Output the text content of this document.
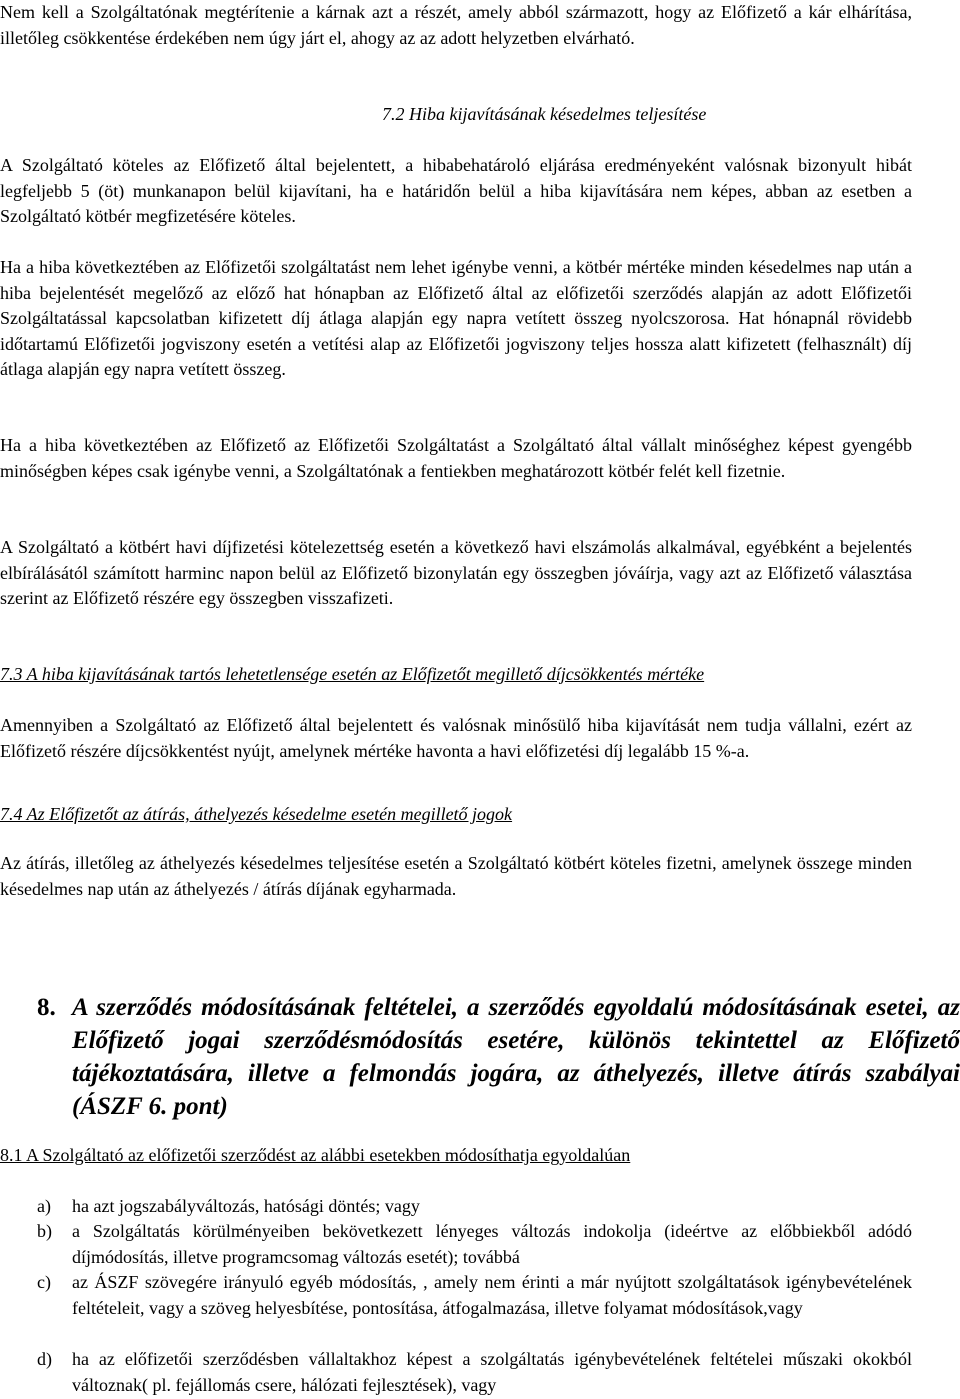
Nem kell a Szolgáltatónak megtérítenie a kárnak azt a részét, amely abból származott, hogy az Előfizető a kár elhárítása, illetőleg csökkentése érdekében nem úgy járt el, ahogy az az adott helyzetben elvárható.
7.2 Hiba kijavításának késedelmes teljesítése
A Szolgáltató köteles az Előfizető által bejelentett, a hibabehatároló eljárása eredményeként valósnak bizonyult hibát legfeljebb 5 (öt) munkanapon belül kijavítani, ha e határidőn belül a hiba kijavítására nem képes, abban az esetben a Szolgáltató kötbér megfizetésére köteles.
Ha a hiba következtében az Előfizetői szolgáltatást nem lehet igénybe venni, a kötbér mértéke minden késedelmes nap után a hiba bejelentését megelőző az előző hat hónapban az Előfizető által az előfizetői szerződés alapján az adott Előfizetői Szolgáltatással kapcsolatban kifizetett díj átlaga alapján egy napra vetített összeg nyolcszorosa. Hat hónapnál rövidebb időtartamú Előfizetői jogviszony esetén a vetítési alap az Előfizetői jogviszony teljes hossza alatt kifizetett (felhasznált) díj átlaga alapján egy napra vetített összeg.
Ha a hiba következtében az Előfizető az Előfizetői Szolgáltatást a Szolgáltató által vállalt minőséghez képest gyengébb minőségben képes csak igénybe venni, a Szolgáltatónak a fentiekben meghatározott kötbér felét kell fizetnie.
A Szolgáltató a kötbért havi díjfizetési kötelezettség esetén a következő havi elszámolás alkalmával, egyébként a bejelentés elbírálásától számított harminc napon belül az Előfizető bizonylatán egy összegben jóváírja, vagy azt az Előfizető választása szerint az Előfizető részére egy összegben visszafizeti.
7.3 A hiba kijavításának tartós lehetetlensége esetén az Előfizetőt megillető díjcsökkentés mértéke
Amennyiben a Szolgáltató az Előfizető által bejelentett és valósnak minősülő hiba kijavítását nem tudja vállalni, ezért az Előfizető részére díjcsökkentést nyújt, amelynek mértéke havonta a havi előfizetési díj legalább 15 %-a.
7.4 Az Előfizetőt az átírás, áthelyezés késedelme esetén megillető jogok
Az átírás, illetőleg az áthelyezés késedelmes teljesítése esetén a Szolgáltató kötbért köteles fizetni, amelynek összege minden késedelmes nap után az áthelyezés / átírás díjának egyharmada.
8. A szerződés módosításának feltételei, a szerződés egyoldalú módosításának esetei, az Előfizető jogai szerződésmódosítás esetére, különös tekintettel az Előfizető tájékoztatására, illetve a felmondás jogára, az áthelyezés, illetve átírás szabályai (ÁSZF 6. pont)
8.1 A Szolgáltató az előfizetői szerződést az alábbi esetekben módosíthatja egyoldalúan
a) ha azt jogszabályváltozás, hatósági döntés; vagy
b) a Szolgáltatás körülményeiben bekövetkezett lényeges változás indokolja (ideértve az előbbiekből adódó díjmódosítás, illetve programcsomag változás esetét); továbbá
c) az ÁSZF szövegére irányuló egyéb módosítás, , amely nem érinti a már nyújtott szolgáltatások igénybevételének feltételeit, vagy a szöveg helyesbítése, pontosítása, átfogalmazása, illetve folyamat módosítások,vagy
d) ha az előfizetői szerződésben vállaltakhoz képest a szolgáltatás igénybevételének feltételei műszaki okokból változnak( pl. fejállomás csere, hálózati fejlesztések), vagy
